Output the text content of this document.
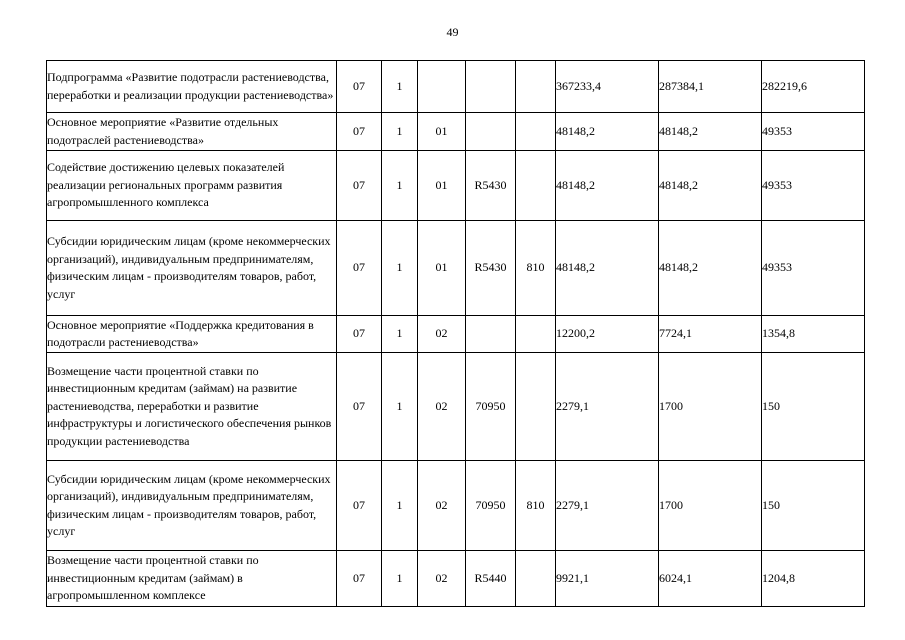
49
Подпрограмма «Развитие подотрасли растениеводства, переработки и реализации продукции растениеводства»	07	1				367233,4	287384,1	282219,6
Основное мероприятие «Развитие отдельных подотраслей растениеводства»	07	1	01			48148,2	48148,2	49353
Содействие достижению целевых показателей реализации региональных программ развития агропромышленного комплекса	07	1	01	R5430		48148,2	48148,2	49353
Субсидии юридическим лицам (кроме некоммерческих организаций), индивидуальным предпринимателям, физическим лицам - производителям товаров, работ, услуг	07	1	01	R5430	810	48148,2	48148,2	49353
Основное мероприятие «Поддержка кредитования в подотрасли растениеводства»	07	1	02			12200,2	7724,1	1354,8
Возмещение части процентной ставки по инвестиционным кредитам (займам) на развитие растениеводства, переработки и развитие инфраструктуры и логистического обеспечения рынков продукции растениеводства	07	1	02	70950		2279,1	1700	150
Субсидии юридическим лицам (кроме некоммерческих организаций), индивидуальным предпринимателям, физическим лицам - производителям товаров, работ, услуг	07	1	02	70950	810	2279,1	1700	150
Возмещение части процентной ставки по инвестиционным кредитам (займам) в агропромышленном комплексе	07	1	02	R5440		9921,1	6024,1	1204,8
